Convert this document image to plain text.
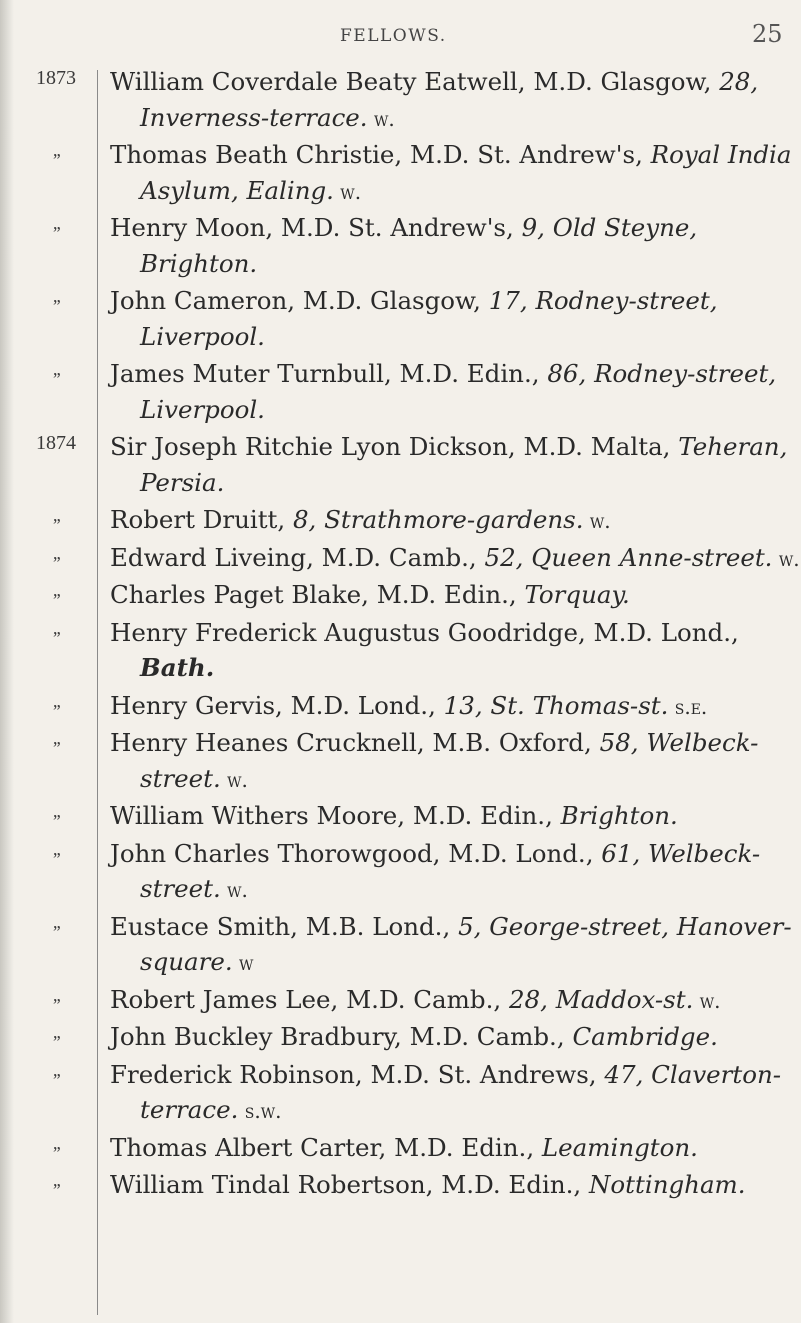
FELLOWS.	25
1873 William Coverdale Beaty Eatwell, M.D. Glasgow, 28, Inverness-terrace. w.
,, Thomas Beath Christie, M.D. St. Andrew's, Royal India Asylum, Ealing. w.
,, Henry Moon, M.D. St. Andrew's, 9, Old Steyne, Brighton.
,, John Cameron, M.D. Glasgow, 17, Rodney-street, Liverpool.
,, James Muter Turnbull, M.D. Edin., 86, Rodney-street, Liverpool.
1874 Sir Joseph Ritchie Lyon Dickson, M.D. Malta, Teheran, Persia.
,, Robert Druitt, 8, Strathmore-gardens. w.
,, Edward Liveing, M.D. Camb., 52, Queen Anne-street. w.
,, Charles Paget Blake, M.D. Edin., Torquay.
,, Henry Frederick Augustus Goodridge, M.D. Lond., Bath.
,, Henry Gervis, M.D. Lond., 13, St. Thomas-st. s.e.
,, Henry Heanes Crucknell, M.B. Oxford, 58, Welbeck-street. w.
,, William Withers Moore, M.D. Edin., Brighton.
,, John Charles Thorowgood, M.D. Lond., 61, Welbeck-street. w.
,, Eustace Smith, M.B. Lond., 5, George-street, Hanover-square. w
,, Robert James Lee, M.D. Camb., 28, Maddox-st. w.
,, John Buckley Bradbury, M.D. Camb., Cambridge.
,, Frederick Robinson, M.D. St. Andrews, 47, Claverton-terrace. s.w.
,, Thomas Albert Carter, M.D. Edin., Leamington.
,, William Tindal Robertson, M.D. Edin., Nottingham.
